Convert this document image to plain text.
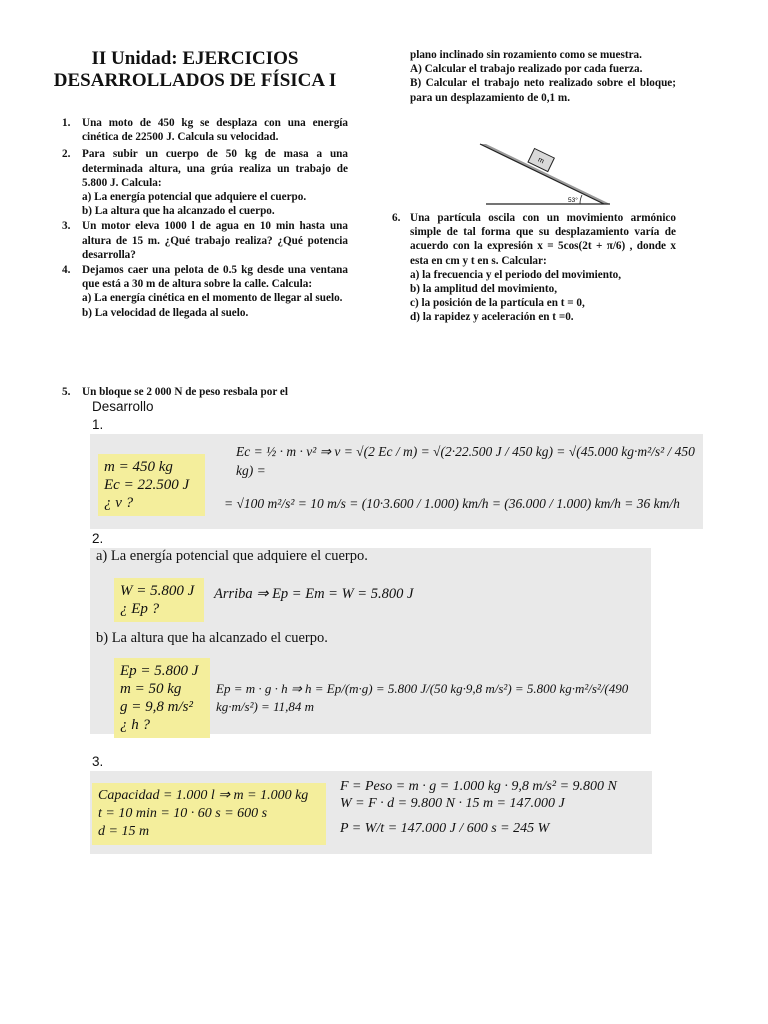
II Unidad: EJERCICIOS
DESARROLLADOS DE FÍSICA I
1. Una moto de 450 kg se desplaza con una energía cinética de 22500 J. Calcula su velocidad.
2. Para subir un cuerpo de 50 kg de masa a una determinada altura, una grúa realiza un trabajo de 5.800 J. Calcula:
a) La energía potencial que adquiere el cuerpo.
b) La altura que ha alcanzado el cuerpo.
3. Un motor eleva 1000 l de agua en 10 min hasta una altura de 15 m. ¿Qué trabajo realiza? ¿Qué potencia desarrolla?
4. Dejamos caer una pelota de 0.5 kg desde una ventana que está a 30 m de altura sobre la calle. Calcula:
a) La energía cinética en el momento de llegar al suelo.
b) La velocidad de llegada al suelo.
5. Un bloque se 2 000 N de peso resbala por el
plano inclinado sin rozamiento como se muestra.
A) Calcular el trabajo realizado por cada fuerza.
B) Calcular el trabajo neto realizado sobre el bloque; para un desplazamiento de 0,1 m.
m
53°
6. Una partícula oscila con un movimiento armónico simple de tal forma que su desplazamiento varía de acuerdo con la expresión x = 5cos(2t + π/6) , donde x esta en cm y t en s. Calcular:
a) la frecuencia y el periodo del movimiento,
b) la amplitud del movimiento,
c) la posición de la partícula en t = 0,
d) la rapidez y aceleración en t =0.
Desarrollo
1.
m = 450 kg
Ec = 22.500 J
¿ v ?
Ec = ½ · m · v² ⇒ v = √(2 Ec / m) = √(2·22.500 J / 450 kg) = √(45.000 kg·m²/s² / 450 kg) =
= √100 m²/s² = 10 m/s = (10·3.600 / 1.000) km/h = (36.000 / 1.000) km/h = 36 km/h
2.
a) La energía potencial que adquiere el cuerpo.
W = 5.800 J
¿ Ep ?
Arriba ⇒ Ep = Em = W = 5.800 J
b) La altura que ha alcanzado el cuerpo.
Ep = 5.800 J
m = 50 kg
g = 9,8 m/s²
¿ h ?
Ep = m · g · h ⇒ h = Ep/(m·g) = 5.800 J/(50 kg·9,8 m/s²) = 5.800 kg·m²/s²/(490 kg·m/s²) = 11,84 m
3.
Capacidad = 1.000 l ⇒ m = 1.000 kg
t = 10 min = 10 · 60 s = 600 s
d = 15 m
F = Peso = m · g = 1.000 kg · 9,8 m/s² = 9.800 N
W = F · d = 9.800 N · 15 m = 147.000 J
P = W/t = 147.000 J / 600 s = 245 W
